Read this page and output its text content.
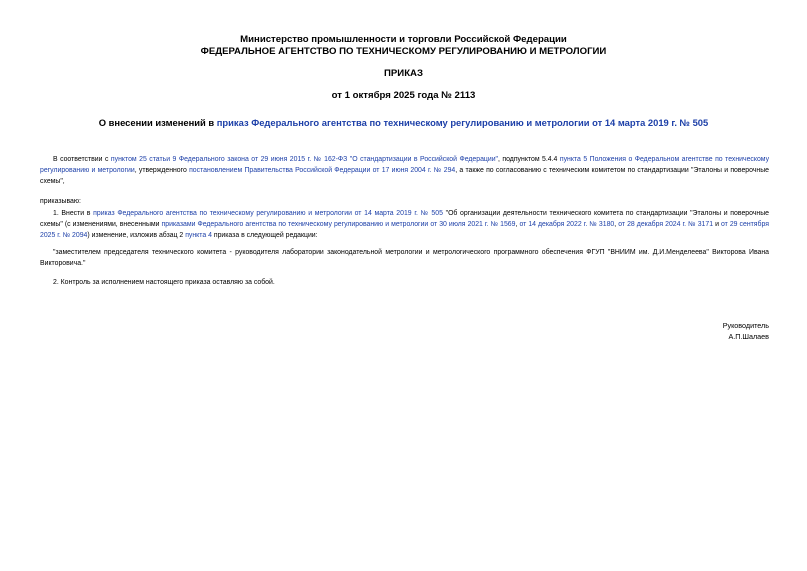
Министерство промышленности и торговли Российской Федерации
ФЕДЕРАЛЬНОЕ АГЕНТСТВО ПО ТЕХНИЧЕСКОМУ РЕГУЛИРОВАНИЮ И МЕТРОЛОГИИ
ПРИКАЗ
от 1 октября 2025 года № 2113
О внесении изменений в приказ Федерального агентства по техническому регулированию и метрологии от 14 марта 2019 г. № 505
В соответствии с пунктом 25 статьи 9 Федерального закона от 29 июня 2015 г. № 162-ФЗ "О стандартизации в Российской Федерации", подпунктом 5.4.4 пункта 5 Положения о Федеральном агентстве по техническому регулированию и метрологии, утвержденного постановлением Правительства Российской Федерации от 17 июня 2004 г. № 294, а также по согласованию с техническим комитетом по стандартизации "Эталоны и поверочные схемы",
приказываю:
1. Внести в приказ Федерального агентства по техническому регулированию и метрологии от 14 марта 2019 г. № 505 "Об организации деятельности технического комитета по стандартизации "Эталоны и поверочные схемы" (с изменениями, внесенными приказами Федерального агентства по техническому регулированию и метрологии от 30 июля 2021 г. № 1569, от 14 декабря 2022 г. № 3180, от 28 декабря 2024 г. № 3171 и от 29 сентября 2025 г. № 2094) изменение, изложив абзац 2 пункта 4 приказа в следующей редакции:
"заместителем председателя технического комитета - руководителя лаборатории законодательной метрологии и метрологического программного обеспечения ФГУП "ВНИИМ им. Д.И.Менделеева" Викторова Ивана Викторовича."
2. Контроль за исполнением настоящего приказа оставляю за собой.
Руководитель
А.П.Шалаев
